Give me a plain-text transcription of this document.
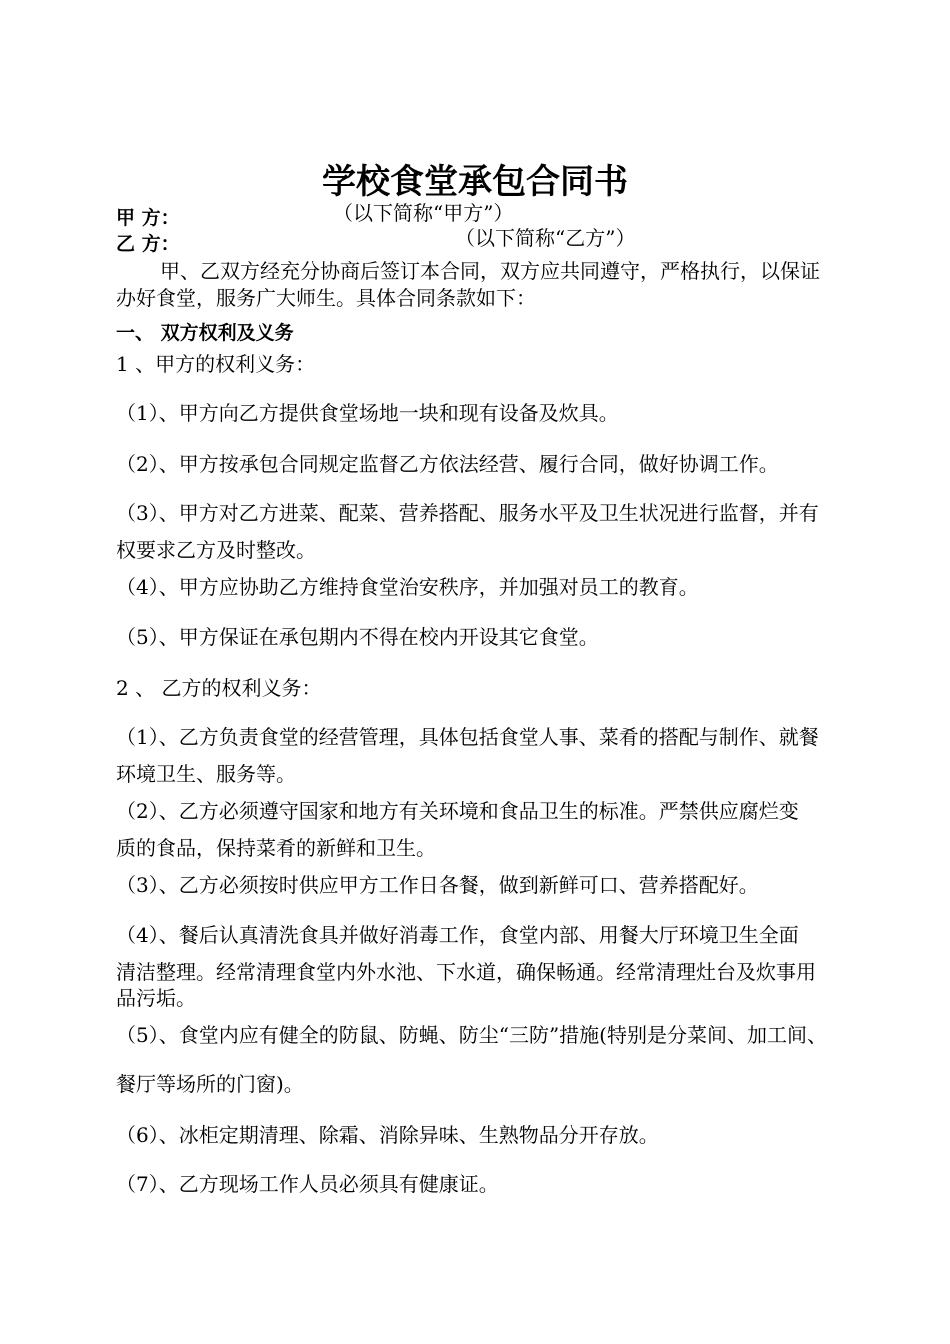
学校食堂承包合同书
甲 方：	（以下简称“甲方”）
乙 方：	（以下简称“乙方”）
甲、乙双方经充分协商后签订本合同，双方应共同遵守，严格执行，以保证
办好食堂，服务广大师生。具体合同条款如下：
一、 双方权利及义务
1 、甲方的权利义务：
（1）、甲方向乙方提供食堂场地一块和现有设备及炊具。
（2）、甲方按承包合同规定监督乙方依法经营、履行合同，做好协调工作。
（3）、甲方对乙方进菜、配菜、营养搭配、服务水平及卫生状况进行监督，并有
权要求乙方及时整改。
（4）、甲方应协助乙方维持食堂治安秩序，并加强对员工的教育。
（5）、甲方保证在承包期内不得在校内开设其它食堂。
2 、 乙方的权利义务：
（1）、乙方负责食堂的经营管理，具体包括食堂人事、菜肴的搭配与制作、就餐
环境卫生、服务等。
（2）、乙方必须遵守国家和地方有关环境和食品卫生的标准。严禁供应腐烂变
质的食品，保持菜肴的新鲜和卫生。
（3）、乙方必须按时供应甲方工作日各餐，做到新鲜可口、营养搭配好。
（4）、餐后认真清洗食具并做好消毒工作，食堂内部、用餐大厅环境卫生全面
清洁整理。经常清理食堂内外水池、下水道，确保畅通。经常清理灶台及炊事用
品污垢。
（5）、食堂内应有健全的防鼠、防蝇、防尘“三防”措施(特别是分菜间、加工间、
餐厅等场所的门窗)。
（6）、冰柜定期清理、除霜、消除异味、生熟物品分开存放。
（7）、乙方现场工作人员必须具有健康证。
